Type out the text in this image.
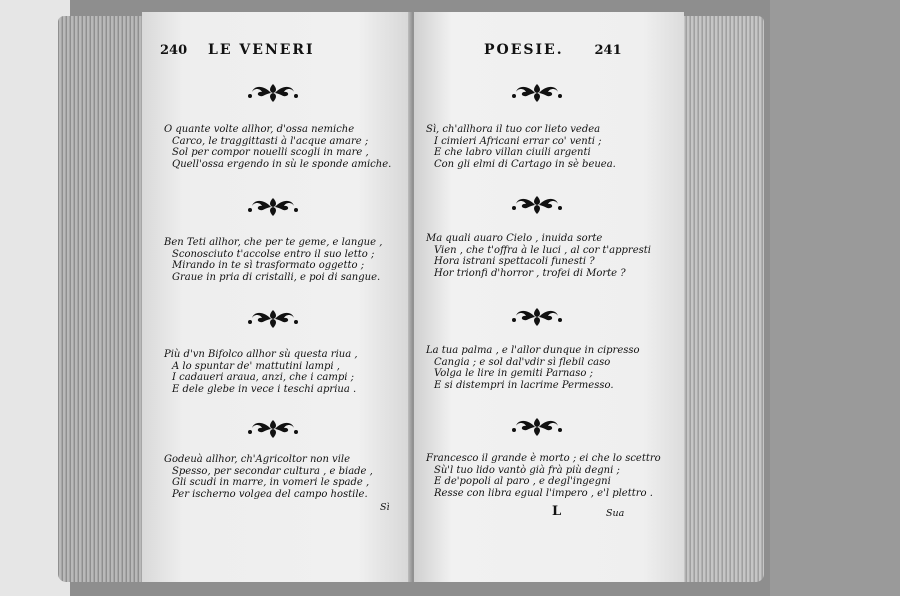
240 LE VENERI
O quante volte allhor, d'ossa nemiche
Carco, le traggittasti à l'acque amare ;
Sol per compor nouelli scogli in mare ,
Quell'ossa ergendo in sù le sponde amiche.
Ben Teti allhor, che per te geme, e langue ,
Sconosciuto t'accolse entro il suo letto ;
Mirando in te sì trasformato oggetto ;
Graue in pria di cristalli, e poi di sangue.
Più d'vn Bifolco allhor sù questa riua ,
A lo spuntar de' mattutini lampi ,
I cadaueri araua, anzi, che i campi ;
E dele glebe in vece i teschi apriua .
Godeuà allhor, ch'Agricoltor non vile
Spesso, per secondar cultura , e biade ,
Gli scudi in marre, in vomeri le spade ,
Per ischerno volgea del campo hostile.
Sì
POESIE. 241
Sì, ch'allhora il tuo cor lieto vedea
I cimieri Africani errar co' venti ;
E che labro villan ciuili argenti
Con gli elmi di Cartago in sè beuea.
Ma quali auaro Cielo , inuida sorte
Vien , che t'offra à le luci , al cor t'appresti
Hora istrani spettacoli funesti ?
Hor trionfi d'horror , trofei di Morte ?
La tua palma , e l'allor dunque in cipresso
Cangia ; e sol dal'vdir sì flebil caso
Volga le lire in gemiti Parnaso ;
E si distempri in lacrime Permesso.
Francesco il grande è morto ; ei che lo scettro
Sù'l tuo lido vantò già frà più degni ;
E de'popoli al paro , e degl'ingegni
Resse con libra egual l'impero , e'l plettro .
L	Sua
